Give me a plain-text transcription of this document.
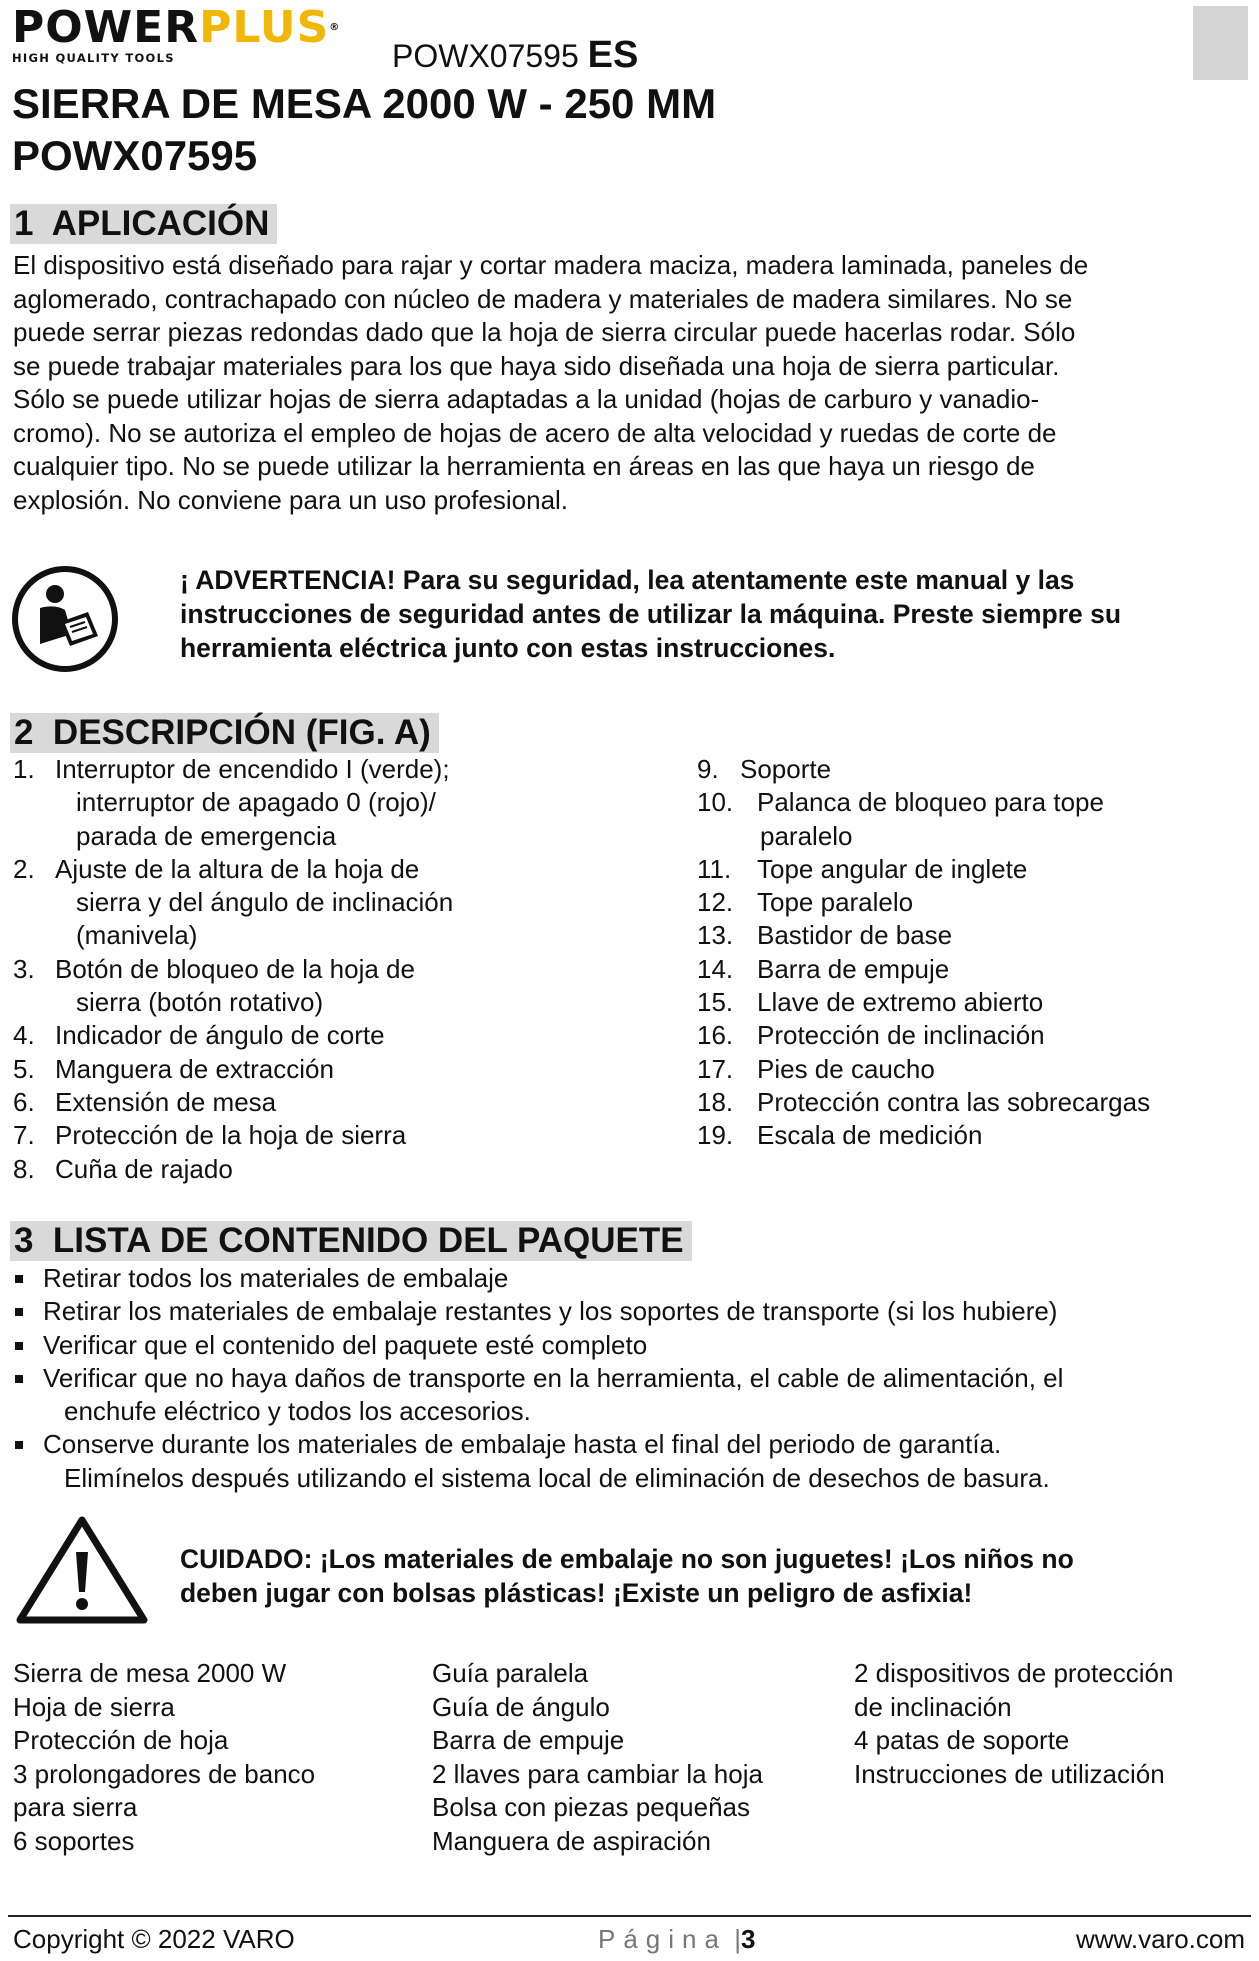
POWERPLUS®
HIGH QUALITY TOOLS	POWX07595 ES
SIERRA DE MESA 2000 W - 250 MM
POWX07595
1  APLICACIÓN
El dispositivo está diseñado para rajar y cortar madera maciza, madera laminada, paneles de
aglomerado, contrachapado con núcleo de madera y materiales de madera similares. No se
puede serrar piezas redondas dado que la hoja de sierra circular puede hacerlas rodar. Sólo
se puede trabajar materiales para los que haya sido diseñada una hoja de sierra particular.
Sólo se puede utilizar hojas de sierra adaptadas a la unidad (hojas de carburo y vanadio-
cromo). No se autoriza el empleo de hojas de acero de alta velocidad y ruedas de corte de
cualquier tipo. No se puede utilizar la herramienta en áreas en las que haya un riesgo de
explosión. No conviene para un uso profesional.
¡ ADVERTENCIA! Para su seguridad, lea atentamente este manual y las
instrucciones de seguridad antes de utilizar la máquina. Preste siempre su
herramienta eléctrica junto con estas instrucciones.
2  DESCRIPCIÓN (FIG. A)
1. Interruptor de encendido I (verde);
interruptor de apagado 0 (rojo)/
parada de emergencia
2. Ajuste de la altura de la hoja de
sierra y del ángulo de inclinación
(manivela)
3. Botón de bloqueo de la hoja de
sierra (botón rotativo)
4. Indicador de ángulo de corte
5. Manguera de extracción
6. Extensión de mesa
7. Protección de la hoja de sierra
8. Cuña de rajado
9. Soporte
10. Palanca de bloqueo para tope
paralelo
11. Tope angular de inglete
12. Tope paralelo
13. Bastidor de base
14. Barra de empuje
15. Llave de extremo abierto
16. Protección de inclinación
17. Pies de caucho
18. Protección contra las sobrecargas
19. Escala de medición
3  LISTA DE CONTENIDO DEL PAQUETE
Retirar todos los materiales de embalaje
Retirar los materiales de embalaje restantes y los soportes de transporte (si los hubiere)
Verificar que el contenido del paquete esté completo
Verificar que no haya daños de transporte en la herramienta, el cable de alimentación, el
enchufe eléctrico y todos los accesorios.
Conserve durante los materiales de embalaje hasta el final del periodo de garantía.
Elimínelos después utilizando el sistema local de eliminación de desechos de basura.
CUIDADO: ¡Los materiales de embalaje no son juguetes! ¡Los niños no
deben jugar con bolsas plásticas! ¡Existe un peligro de asfixia!
Sierra de mesa 2000 W
Hoja de sierra
Protección de hoja
3 prolongadores de banco
para sierra
6 soportes
Guía paralela
Guía de ángulo
Barra de empuje
2 llaves para cambiar la hoja
Bolsa con piezas pequeñas
Manguera de aspiración
2 dispositivos de protección
de inclinación
4 patas de soporte
Instrucciones de utilización
Copyright © 2022 VARO	Página |3	www.varo.com
